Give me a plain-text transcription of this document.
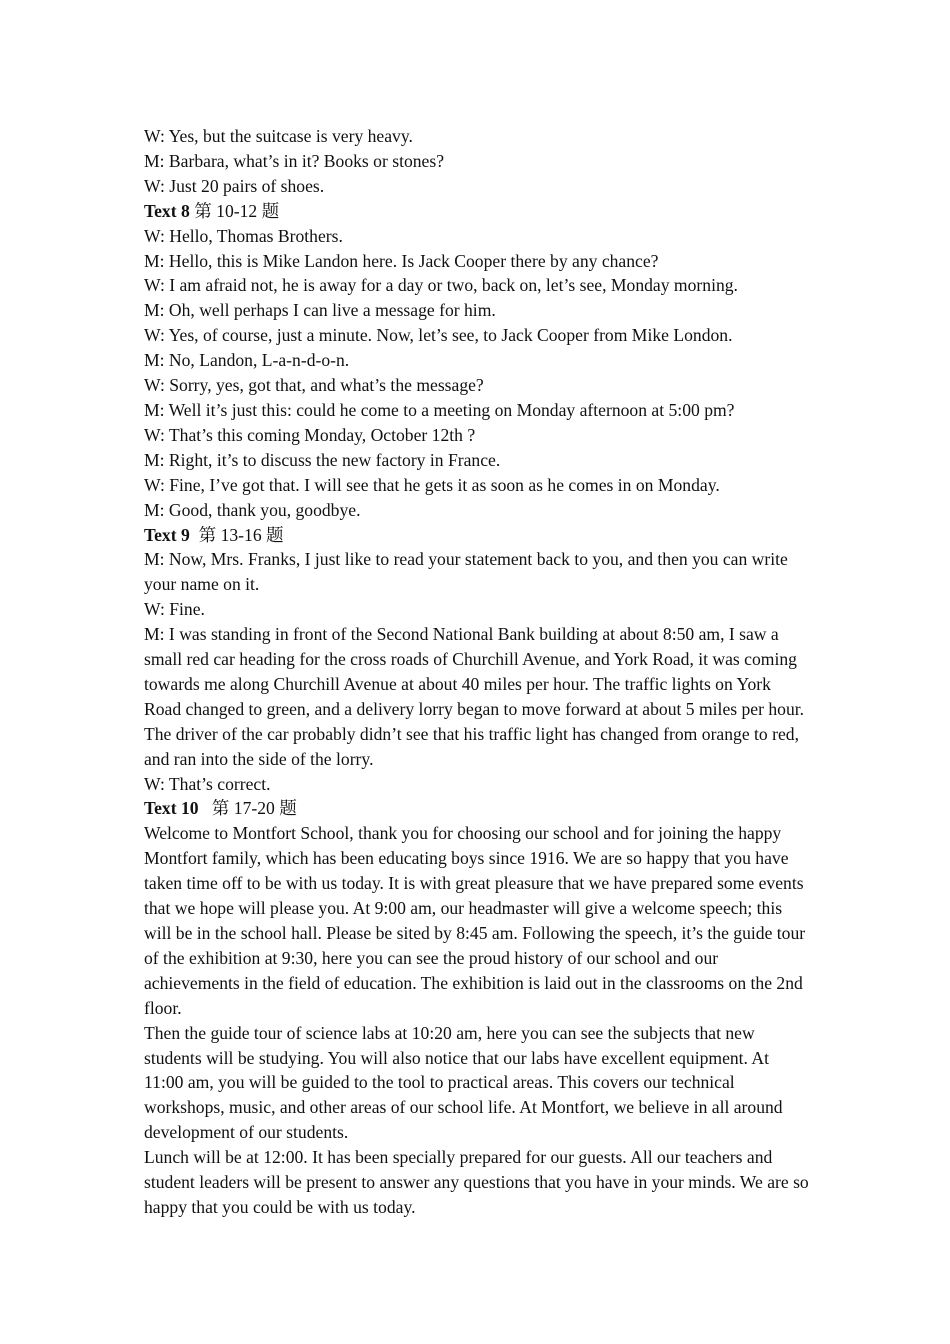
W: Yes, but the suitcase is very heavy.

M: Barbara, what’s in it? Books or stones?

W: Just 20 pairs of shoes.

Text 8 第 10-12 题

W: Hello, Thomas Brothers.

M: Hello, this is Mike Landon here. Is Jack Cooper there by any chance?

W: I am afraid not, he is away for a day or two, back on, let’s see, Monday morning.

M: Oh, well perhaps I can live a message for him.

W: Yes, of course, just a minute. Now, let’s see, to Jack Cooper from Mike London.

M: No, Landon, L-a-n-d-o-n.

W: Sorry, yes, got that, and what’s the message?

M: Well it’s just this: could he come to a meeting on Monday afternoon at 5:00 pm?

W: That’s this coming Monday, October 12th ?

M: Right, it’s to discuss the new factory in France.

W: Fine, I’ve got that. I will see that he gets it as soon as he comes in on Monday.

M: Good, thank you, goodbye.

Text 9 第 13-16 题

M: Now, Mrs. Franks, I just like to read your statement back to you, and then you can write your name on it.

W: Fine.

M: I was standing in front of the Second National Bank building at about 8:50 am, I saw a small red car heading for the cross roads of Churchill Avenue, and York Road, it was coming towards me along Churchill Avenue at about 40 miles per hour. The traffic lights on York Road changed to green, and a delivery lorry began to move forward at about 5 miles per hour. The driver of the car probably didn’t see that his traffic light has changed from orange to red, and ran into the side of the lorry.

W: That’s correct.

Text 10 第 17-20 题

Welcome to Montfort School, thank you for choosing our school and for joining the happy Montfort family, which has been educating boys since 1916. We are so happy that you have taken time off to be with us today. It is with great pleasure that we have prepared some events that we hope will please you. At 9:00 am, our headmaster will give a welcome speech; this will be in the school hall. Please be sited by 8:45 am. Following the speech, it’s the guide tour of the exhibition at 9:30, here you can see the proud history of our school and our achievements in the field of education. The exhibition is laid out in the classrooms on the 2nd floor.

Then the guide tour of science labs at 10:20 am, here you can see the subjects that new students will be studying. You will also notice that our labs have excellent equipment. At 11:00 am, you will be guided to the tool to practical areas. This covers our technical workshops, music, and other areas of our school life. At Montfort, we believe in all around development of our students.

Lunch will be at 12:00. It has been specially prepared for our guests. All our teachers and student leaders will be present to answer any questions that you have in your minds. We are so happy that you could be with us today.
